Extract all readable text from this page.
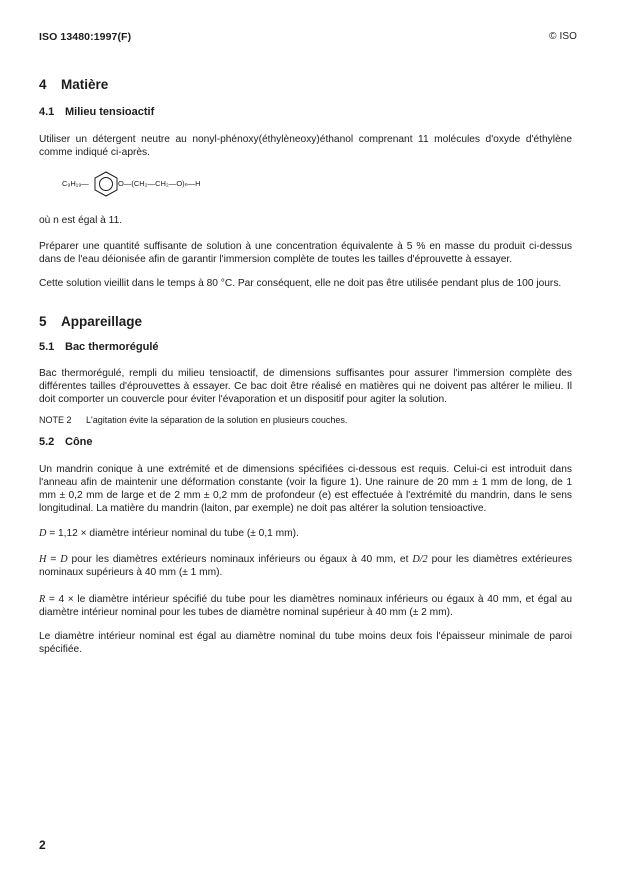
ISO 13480:1997(F)	© ISO
4 Matière
4.1 Milieu tensioactif
Utiliser un détergent neutre au nonyl-phénoxy(éthylèneoxy)éthanol comprenant 11 molécules d'oxyde d'éthylène comme indiqué ci-après.
C₉H₁₉—	O—(CH₂—CH₂—O)ₙ—H
où n est égal à 11.
Préparer une quantité suffisante de solution à une concentration équivalente à 5 % en masse du produit ci-dessus dans de l'eau déionisée afin de garantir l'immersion complète de toutes les tailles d'éprouvette à essayer.
Cette solution vieillit dans le temps à 80 °C. Par conséquent, elle ne doit pas être utilisée pendant plus de 100 jours.
5 Appareillage
5.1 Bac thermorégulé
Bac thermorégulé, rempli du milieu tensioactif, de dimensions suffisantes pour assurer l'immersion complète des différentes tailles d'éprouvettes à essayer. Ce bac doit être réalisé en matières qui ne doivent pas altérer le milieu. Il doit comporter un couvercle pour éviter l'évaporation et un dispositif pour agiter la solution.
NOTE 2 L'agitation évite la séparation de la solution en plusieurs couches.
5.2 Cône
Un mandrin conique à une extrémité et de dimensions spécifiées ci-dessous est requis. Celui-ci est introduit dans l'anneau afin de maintenir une déformation constante (voir la figure 1). Une rainure de 20 mm ± 1 mm de long, de 1 mm ± 0,2 mm de large et de 2 mm ± 0,2 mm de profondeur (e) est effectuée à l'extrémité du mandrin, dans le sens longitudinal. La matière du mandrin (laiton, par exemple) ne doit pas altérer la solution tensioactive.
D = 1,12 × diamètre intérieur nominal du tube (± 0,1 mm).
H = D pour les diamètres extérieurs nominaux inférieurs ou égaux à 40 mm, et D/2 pour les diamètres extérieures nominaux supérieurs à 40 mm (± 1 mm).
R = 4 × le diamètre intérieur spécifié du tube pour les diamètres nominaux inférieurs ou égaux à 40 mm, et égal au diamètre intérieur nominal pour les tubes de diamètre nominal supérieur à 40 mm (± 2 mm).
Le diamètre intérieur nominal est égal au diamètre nominal du tube moins deux fois l'épaisseur minimale de paroi spécifiée.
2
